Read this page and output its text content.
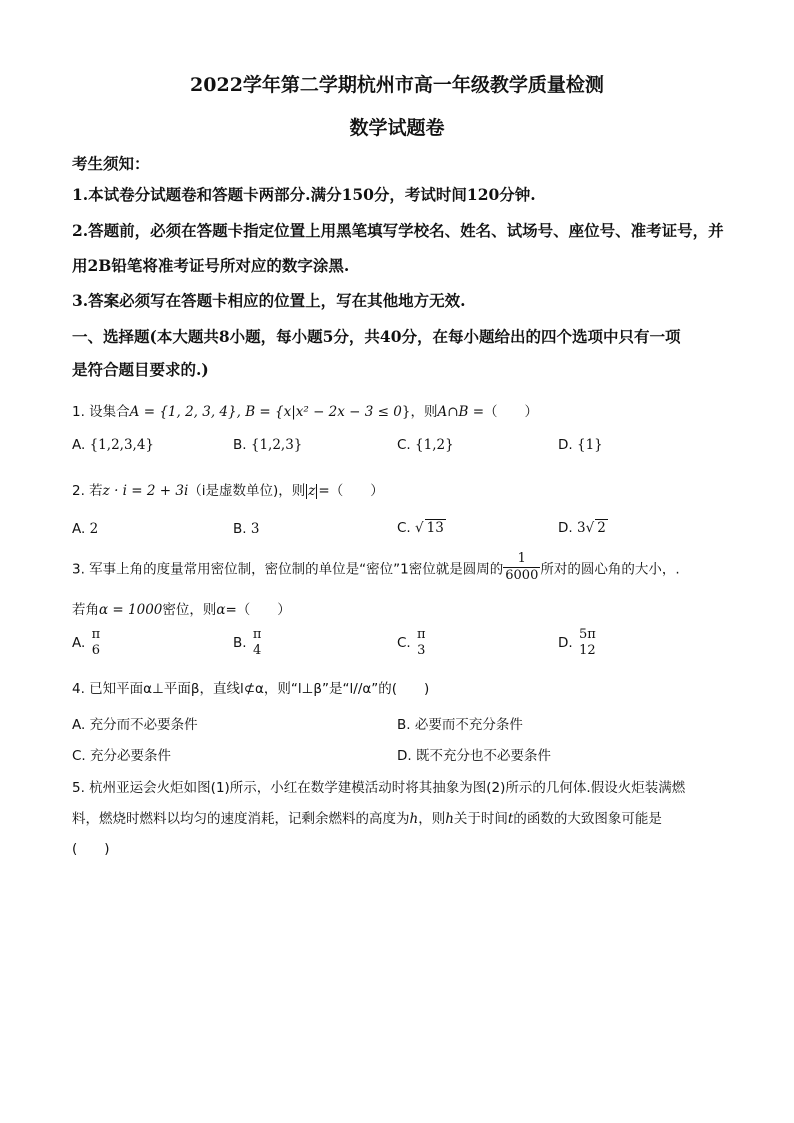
2022学年第二学期杭州市高一年级教学质量检测
数学试题卷
考生须知：
1.本试卷分试题卷和答题卡两部分.满分150分，考试时间120分钟.
2.答题前，必须在答题卡指定位置上用黑笔填写学校名、姓名、试场号、座位号、准考证号，并
用2B铅笔将准考证号所对应的数字涂黑.
3.答案必须写在答题卡相应的位置上，写在其他地方无效.
一、选择题(本大题共8小题，每小题5分，共40分，在每小题给出的四个选项中只有一项
是符合题目要求的.)
1. 设集合A = {1, 2, 3, 4}, B = {x|x² − 2x − 3 ≤ 0}，则A∩B =（　　）
A. {1,2,3,4}	B. {1,2,3}	C. {1,2}	D. {1}
2. 若z · i = 2 + 3i（i是虚数单位)，则 z =（　　）
A. 2	B. 3	C. √ 13	D. 3√ 2
3. 军事上角的度量常用密位制，密位制的单位是“密位”1密位就是圆周的 $\frac{1}{6000}$ 所对的圆心角的大小，.
若角α = 1000密位，则α=（　　）
A.
π
6	B.
π
4	C.
π
3	D.
5π
12
4. 已知平面α⊥平面β，直线l⊄α，则“l⊥β”是“l//α”的(　　)
A. 充分而不必要条件	B. 必要而不充分条件
C. 充分必要条件	D. 既不充分也不必要条件
5. 杭州亚运会火炬如图(1)所示，小红在数学建模活动时将其抽象为图(2)所示的几何体.假设火炬装满燃
料，燃烧时燃料以均匀的速度消耗，记剩余燃料的高度为h，则h关于时间t的函数的大致图象可能是
(　　)
